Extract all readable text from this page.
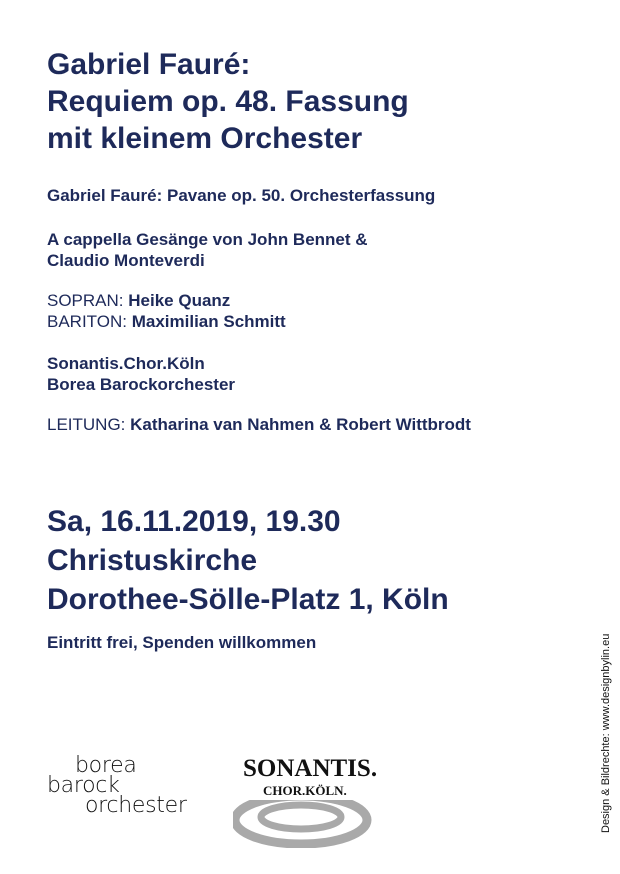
Gabriel Fauré:
Requiem op. 48. Fassung
mit kleinem Orchester

Gabriel Fauré: Pavane op. 50. Orchesterfassung

A cappella Gesänge von John Bennet &
Claudio Monteverdi
SOPRAN: Heike Quanz
BARITON: Maximilian Schmitt
Sonantis.Chor.Köln
Borea Barockorchester
LEITUNG: Katharina van Nahmen & Robert Wittbrodt
Sa, 16.11.2019, 19.30
Christuskirche
Dorothee-Sölle-Platz 1, Köln

Eintritt frei, Spenden willkommen	Design & Bildrechte: www.designbylin.eu
borea
barock
orchester
SONANTIS.
CHOR.KÖLN.
